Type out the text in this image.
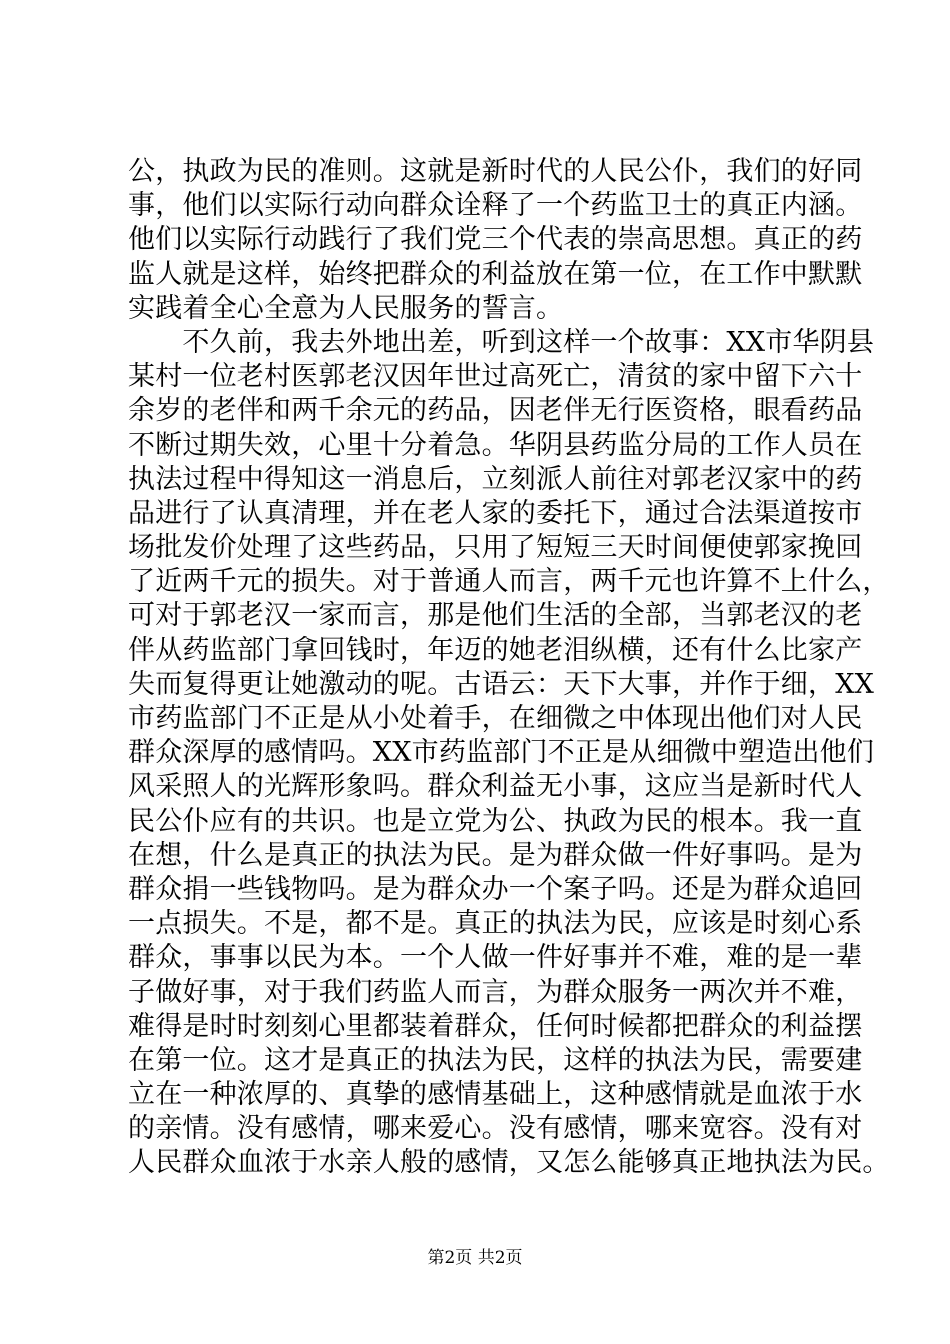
公，执政为民的准则。这就是新时代的人民公仆，我们的好同
事，他们以实际行动向群众诠释了一个药监卫士的真正内涵。
他们以实际行动践行了我们党三个代表的崇高思想。真正的药
监人就是这样，始终把群众的利益放在第一位，在工作中默默
实践着全心全意为人民服务的誓言。
　　不久前，我去外地出差，听到这样一个故事：XX市华阴县
某村一位老村医郭老汉因年世过高死亡，清贫的家中留下六十
余岁的老伴和两千余元的药品，因老伴无行医资格，眼看药品
不断过期失效，心里十分着急。华阴县药监分局的工作人员在
执法过程中得知这一消息后，立刻派人前往对郭老汉家中的药
品进行了认真清理，并在老人家的委托下，通过合法渠道按市
场批发价处理了这些药品，只用了短短三天时间便使郭家挽回
了近两千元的损失。对于普通人而言，两千元也许算不上什么，
可对于郭老汉一家而言，那是他们生活的全部，当郭老汉的老
伴从药监部门拿回钱时，年迈的她老泪纵横，还有什么比家产
失而复得更让她激动的呢。古语云：天下大事，并作于细，XX
市药监部门不正是从小处着手，在细微之中体现出他们对人民
群众深厚的感情吗。XX市药监部门不正是从细微中塑造出他们
风采照人的光辉形象吗。群众利益无小事，这应当是新时代人
民公仆应有的共识。也是立党为公、执政为民的根本。我一直
在想，什么是真正的执法为民。是为群众做一件好事吗。是为
群众捐一些钱物吗。是为群众办一个案子吗。还是为群众追回
一点损失。不是，都不是。真正的执法为民，应该是时刻心系
群众，事事以民为本。一个人做一件好事并不难，难的是一辈
子做好事，对于我们药监人而言，为群众服务一两次并不难，
难得是时时刻刻心里都装着群众，任何时候都把群众的利益摆
在第一位。这才是真正的执法为民，这样的执法为民，需要建
立在一种浓厚的、真挚的感情基础上，这种感情就是血浓于水
的亲情。没有感情，哪来爱心。没有感情，哪来宽容。没有对
人民群众血浓于水亲人般的感情，又怎么能够真正地执法为民。
第2页 共2页
